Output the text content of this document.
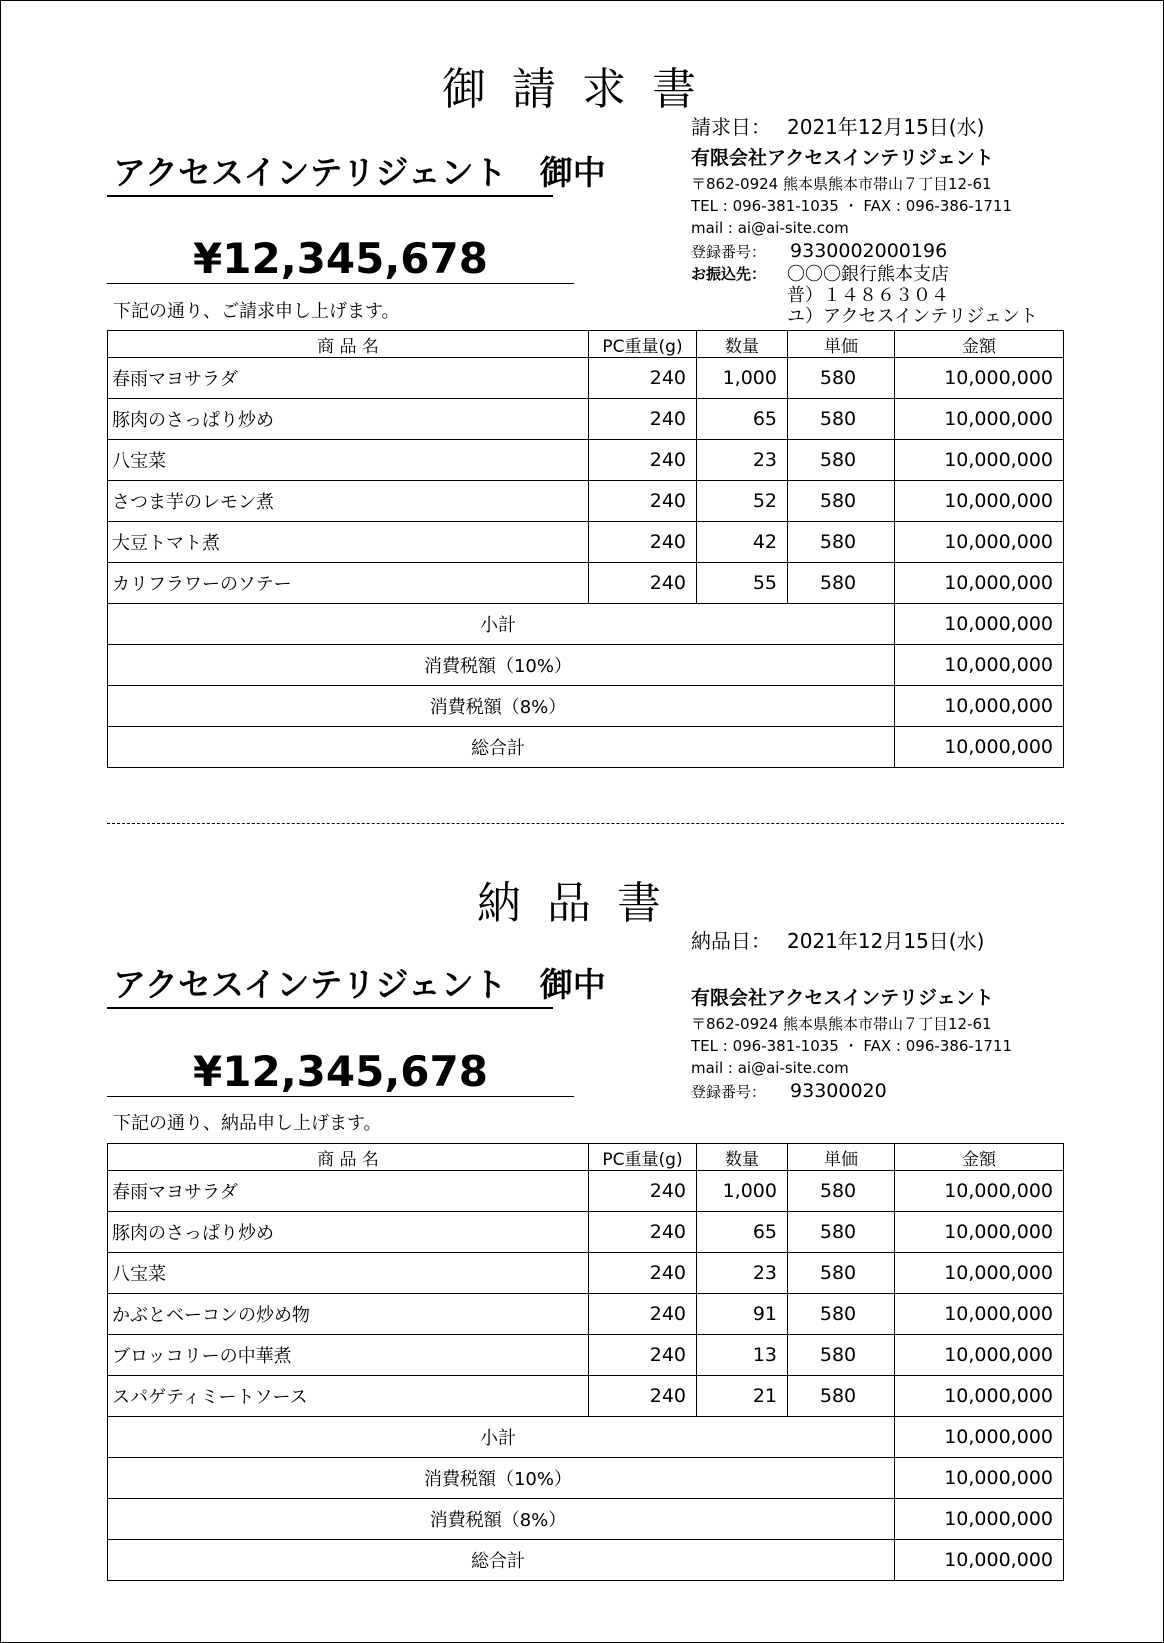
御請求書
請求日： 2021年12月15日(水)
有限会社アクセスインテリジェント
〒862-0924 熊本県熊本市帯山７丁目12-61
TEL : 096-381-1035 ・ FAX : 096-386-1711
mail : ai@ai-site.com
登録番号： 9330002000196
お振込先： 〇〇〇銀行熊本支店
普）１４８６３０４
ユ）アクセスインテリジェント
アクセスインテリジェント　御中
¥12,345,678
下記の通り、ご請求申し上げます。
商 品 名	PC重量(g)	数量	単価	金額
春雨マヨサラダ	240	1,000	580	10,000,000
豚肉のさっぱり炒め	240	65	580	10,000,000
八宝菜	240	23	580	10,000,000
さつま芋のレモン煮	240	52	580	10,000,000
大豆トマト煮	240	42	580	10,000,000
カリフラワーのソテー	240	55	580	10,000,000
小計				10,000,000
消費税額（10%）				10,000,000
消費税額（8%）				10,000,000
総合計				10,000,000
納品書
納品日： 2021年12月15日(水)
有限会社アクセスインテリジェント
〒862-0924 熊本県熊本市帯山７丁目12-61
TEL : 096-381-1035 ・ FAX : 096-386-1711
mail : ai@ai-site.com
登録番号： 93300020
アクセスインテリジェント　御中
¥12,345,678
下記の通り、納品申し上げます。
商 品 名	PC重量(g)	数量	単価	金額
春雨マヨサラダ	240	1,000	580	10,000,000
豚肉のさっぱり炒め	240	65	580	10,000,000
八宝菜	240	23	580	10,000,000
かぶとベーコンの炒め物	240	91	580	10,000,000
ブロッコリーの中華煮	240	13	580	10,000,000
スパゲティミートソース	240	21	580	10,000,000
小計				10,000,000
消費税額（10%）				10,000,000
消費税額（8%）				10,000,000
総合計				10,000,000
